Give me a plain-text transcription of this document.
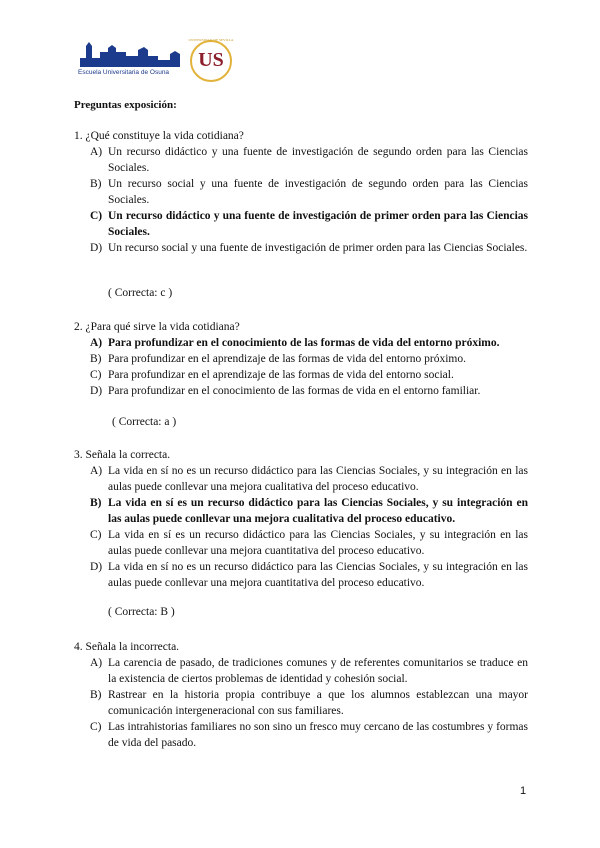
Escuela Universitaria de Osuna
UNIVERSIDAD DE SEVILLA
US
Preguntas exposición:
1. ¿Qué constituye la vida cotidiana?
A) Un recurso didáctico y una fuente de investigación de segundo orden para las Ciencias Sociales.
B) Un recurso social y una fuente de investigación de segundo orden para las Ciencias Sociales.
C) Un recurso didáctico y una fuente de investigación de primer orden para las Ciencias Sociales.
D) Un recurso social y una fuente de investigación de primer orden para las Ciencias Sociales.
( Correcta: c )
2. ¿Para qué sirve la vida cotidiana?
A) Para profundizar en el conocimiento de las formas de vida del entorno próximo.
B) Para profundizar en el aprendizaje de las formas de vida del entorno próximo.
C) Para profundizar en el aprendizaje de las formas de vida del entorno social.
D) Para profundizar en el conocimiento de las formas de vida en el entorno familiar.
( Correcta: a )
3. Señala la correcta.
A) La vida en sí no es un recurso didáctico para las Ciencias Sociales, y su integración en las aulas puede conllevar una mejora cualitativa del proceso educativo.
B) La vida en sí es un recurso didáctico para las Ciencias Sociales, y su integración en las aulas puede conllevar una mejora cualitativa del proceso educativo.
C) La vida en sí es un recurso didáctico para las Ciencias Sociales, y su integración en las aulas puede conllevar una mejora cuantitativa del proceso educativo.
D) La vida en sí no es un recurso didáctico para las Ciencias Sociales, y su integración en las aulas puede conllevar una mejora cuantitativa del proceso educativo.
( Correcta: B )
4. Señala la incorrecta.
A) La carencia de pasado, de tradiciones comunes y de referentes comunitarios se traduce en la existencia de ciertos problemas de identidad y cohesión social.
B) Rastrear en la historia propia contribuye a que los alumnos establezcan una mayor comunicación intergeneracional con sus familiares.
C) Las intrahistorias familiares no son sino un fresco muy cercano de las costumbres y formas de vida del pasado.
1
